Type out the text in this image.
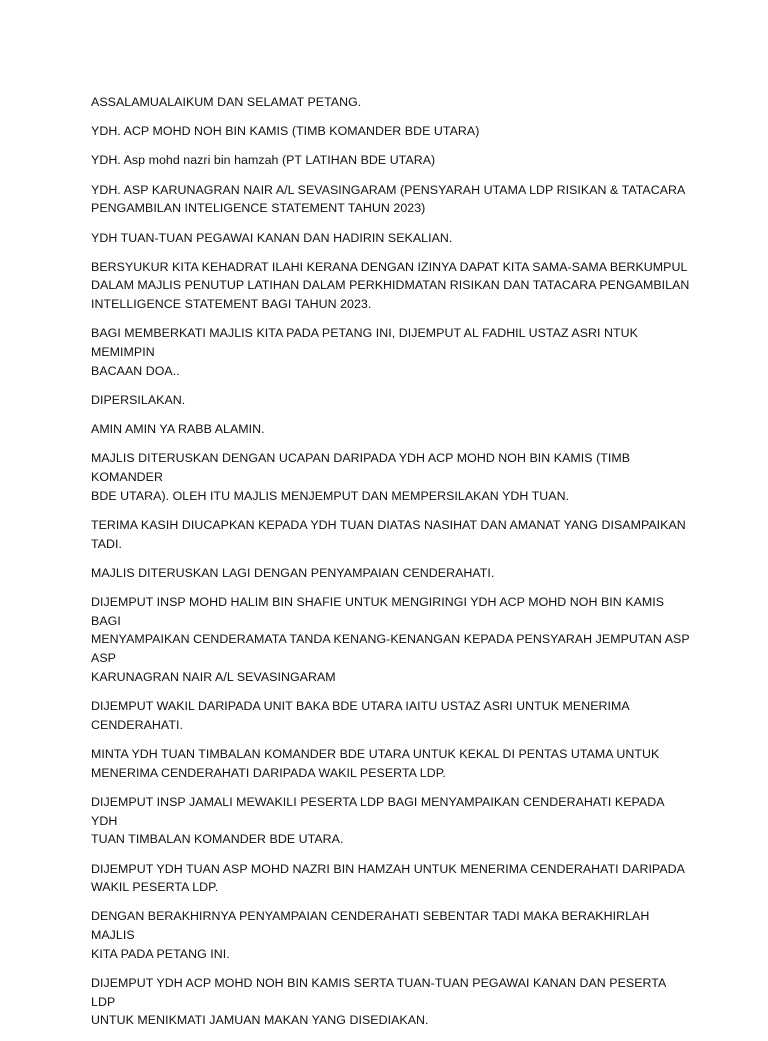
ASSALAMUALAIKUM DAN SELAMAT PETANG.

YDH. ACP MOHD NOH BIN KAMIS (TIMB KOMANDER BDE UTARA)

YDH. Asp mohd nazri bin hamzah (PT LATIHAN BDE UTARA)

YDH. ASP KARUNAGRAN NAIR A/L SEVASINGARAM (PENSYARAH UTAMA LDP RISIKAN & TATACARA
PENGAMBILAN INTELIGENCE STATEMENT TAHUN 2023)

YDH TUAN-TUAN PEGAWAI KANAN DAN HADIRIN SEKALIAN.

BERSYUKUR KITA KEHADRAT ILAHI KERANA DENGAN IZINYA DAPAT KITA SAMA-SAMA BERKUMPUL
DALAM MAJLIS PENUTUP LATIHAN DALAM PERKHIDMATAN RISIKAN DAN TATACARA PENGAMBILAN
INTELLIGENCE STATEMENT BAGI TAHUN 2023.

BAGI MEMBERKATI MAJLIS KITA PADA PETANG INI, DIJEMPUT AL FADHIL USTAZ ASRI NTUK MEMIMPIN
BACAAN DOA..

DIPERSILAKAN.

AMIN AMIN YA RABB ALAMIN.

MAJLIS DITERUSKAN DENGAN UCAPAN DARIPADA YDH ACP MOHD NOH BIN KAMIS (TIMB KOMANDER
BDE UTARA). OLEH ITU MAJLIS MENJEMPUT DAN MEMPERSILAKAN YDH TUAN.

TERIMA KASIH DIUCAPKAN KEPADA YDH TUAN DIATAS NASIHAT DAN AMANAT YANG DISAMPAIKAN
TADI.

MAJLIS DITERUSKAN LAGI DENGAN PENYAMPAIAN CENDERAHATI.

DIJEMPUT INSP MOHD HALIM BIN SHAFIE UNTUK MENGIRINGI YDH ACP MOHD NOH BIN KAMIS BAGI
MENYAMPAIKAN CENDERAMATA TANDA KENANG-KENANGAN KEPADA PENSYARAH JEMPUTAN ASP ASP
KARUNAGRAN NAIR A/L SEVASINGARAM

DIJEMPUT WAKIL DARIPADA UNIT BAKA BDE UTARA IAITU USTAZ ASRI UNTUK MENERIMA
CENDERAHATI.

MINTA YDH TUAN TIMBALAN KOMANDER BDE UTARA UNTUK KEKAL DI PENTAS UTAMA UNTUK
MENERIMA CENDERAHATI DARIPADA WAKIL PESERTA LDP.

DIJEMPUT INSP JAMALI MEWAKILI PESERTA LDP BAGI MENYAMPAIKAN CENDERAHATI KEPADA YDH
TUAN TIMBALAN KOMANDER BDE UTARA.

DIJEMPUT YDH TUAN ASP MOHD NAZRI BIN HAMZAH UNTUK MENERIMA CENDERAHATI DARIPADA
WAKIL PESERTA LDP.

DENGAN BERAKHIRNYA PENYAMPAIAN CENDERAHATI SEBENTAR TADI MAKA BERAKHIRLAH MAJLIS
KITA PADA PETANG INI.

DIJEMPUT YDH ACP MOHD NOH BIN KAMIS SERTA TUAN-TUAN PEGAWAI KANAN DAN PESERTA LDP
UNTUK MENIKMATI JAMUAN MAKAN YANG DISEDIAKAN.
